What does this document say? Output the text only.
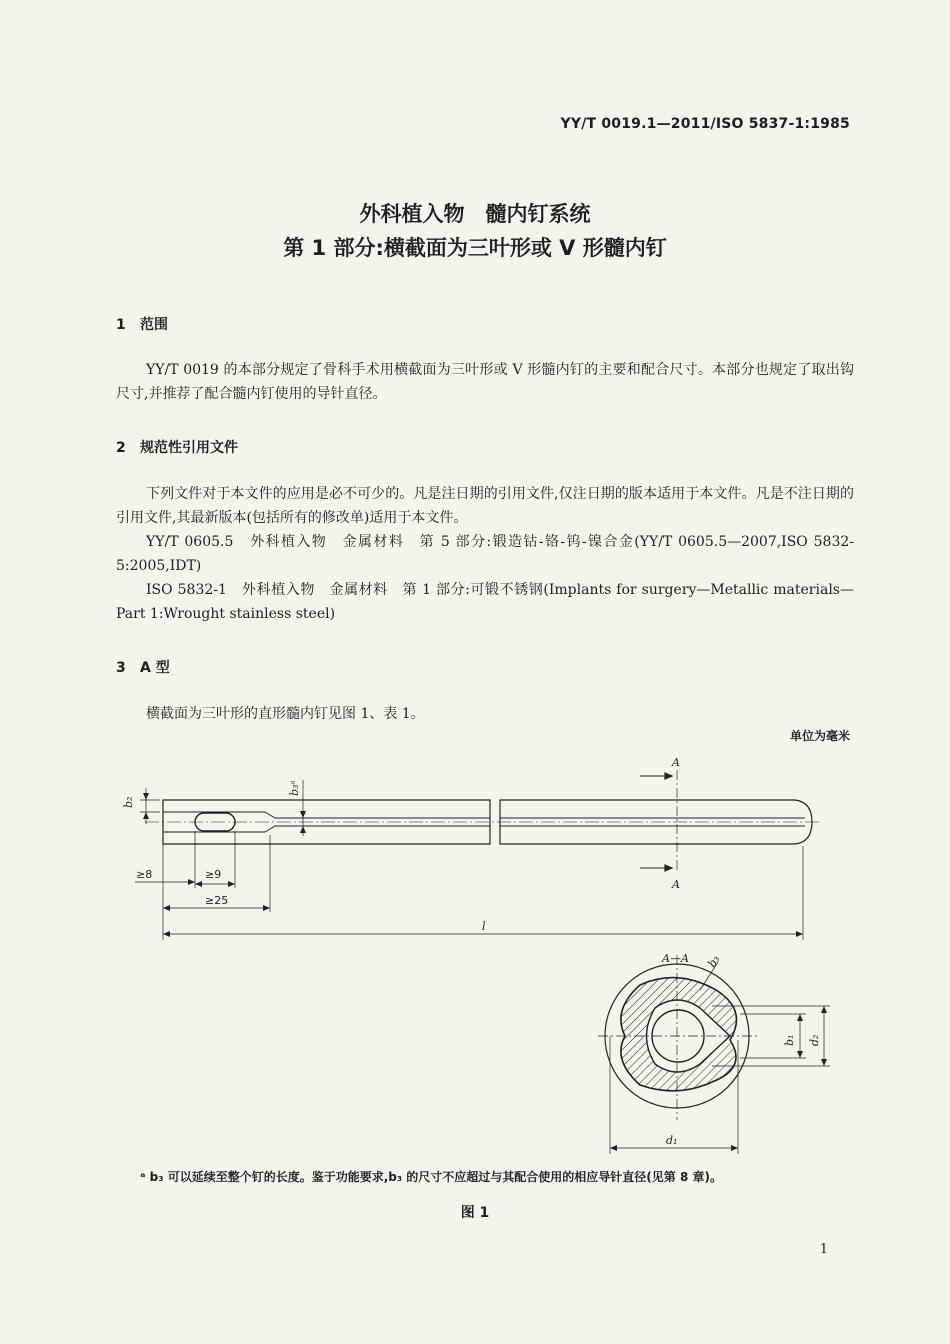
YY/T 0019.1—2011/ISO 5837-1:1985
外科植入物　髓内钉系统
第 1 部分:横截面为三叶形或 V 形髓内钉
1 范围
YY/T 0019 的本部分规定了骨科手术用横截面为三叶形或 V 形髓内钉的主要和配合尺寸。本部分也规定了取出钩尺寸,并推荐了配合髓内钉使用的导针直径。
2 规范性引用文件
下列文件对于本文件的应用是必不可少的。凡是注日期的引用文件,仅注日期的版本适用于本文件。凡是不注日期的引用文件,其最新版本(包括所有的修改单)适用于本文件。
YY/T 0605.5　外科植入物　金属材料　第 5 部分:锻造钴-铬-钨-镍合金(YY/T 0605.5—2007,ISO 5832-5:2005,IDT)
ISO 5832-1　外科植入物　金属材料　第 1 部分:可锻不锈钢(Implants for surgery—Metallic materials—Part 1:Wrought stainless steel)
3 A 型
横截面为三叶形的直形髓内钉见图 1、表 1。
单位为毫米
b₂
b₃ᵃ
A
A
≥8	≥9
≥25
l
A—A b₃
b₁ d₂
d₁
ᵃ b₃ 可以延续至整个钉的长度。鉴于功能要求,b₃ 的尺寸不应超过与其配合使用的相应导针直径(见第 8 章)。
图 1
1
